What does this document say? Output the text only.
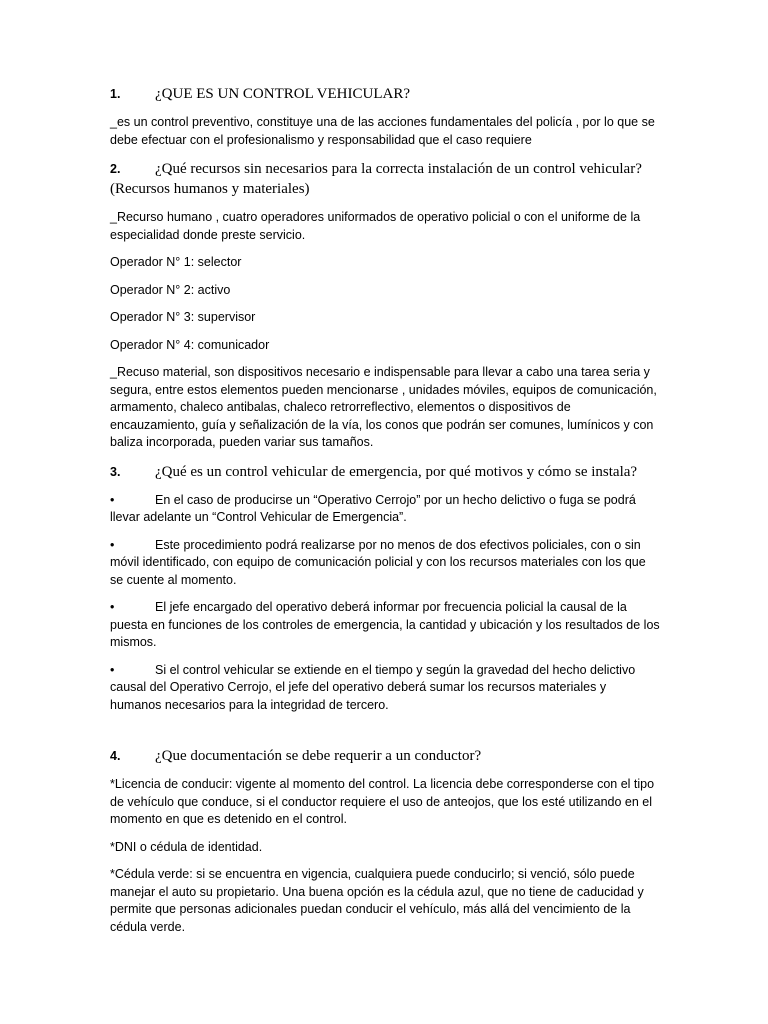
1. ¿QUE ES UN CONTROL VEHICULAR?
_es un control preventivo, constituye una de las acciones fundamentales del policía , por lo que se debe efectuar con el profesionalismo y responsabilidad que el caso requiere
2. ¿Qué recursos sin necesarios para la correcta instalación de un control vehicular?
(Recursos humanos y materiales)
_Recurso humano , cuatro operadores uniformados de operativo policial o con el uniforme de la especialidad donde preste servicio.
Operador N° 1: selector
Operador N° 2: activo
Operador N° 3: supervisor
Operador N° 4: comunicador
_Recuso material, son dispositivos necesario e indispensable para llevar a cabo una tarea seria y segura, entre estos elementos pueden mencionarse , unidades móviles, equipos de comunicación, armamento, chaleco antibalas, chaleco retrorreflectivo, elementos o dispositivos de encauzamiento, guía y señalización de la vía, los conos que podrán ser comunes, lumínicos y con baliza incorporada, pueden variar sus tamaños.
3. ¿Qué es un control vehicular de emergencia, por qué motivos y cómo se instala?
•	En el caso de producirse un “Operativo Cerrojo” por un hecho delictivo o fuga se podrá llevar adelante un “Control Vehicular de Emergencia”.
•	Este procedimiento podrá realizarse por no menos de dos efectivos policiales, con o sin móvil identificado, con equipo de comunicación policial y con los recursos materiales con los que se cuente al momento.
•	El jefe encargado del operativo deberá informar por frecuencia policial la causal de la puesta en funciones de los controles de emergencia, la cantidad y ubicación y los resultados de los mismos.
•	Si el control vehicular se extiende en el tiempo y según la gravedad del hecho delictivo causal del Operativo Cerrojo, el jefe del operativo deberá sumar los recursos materiales y humanos necesarios para la integridad de tercero.
4. ¿Que documentación se debe requerir a un conductor?
*Licencia de conducir: vigente al momento del control. La licencia debe corresponderse con el tipo de vehículo que conduce, si el conductor requiere el uso de anteojos, que los esté utilizando en el momento en que es detenido en el control.
*DNI o cédula de identidad.
*Cédula verde: si se encuentra en vigencia, cualquiera puede conducirlo; si venció, sólo puede manejar el auto su propietario. Una buena opción es la cédula azul, que no tiene de caducidad y permite que personas adicionales puedan conducir el vehículo, más allá del vencimiento de la cédula verde.
